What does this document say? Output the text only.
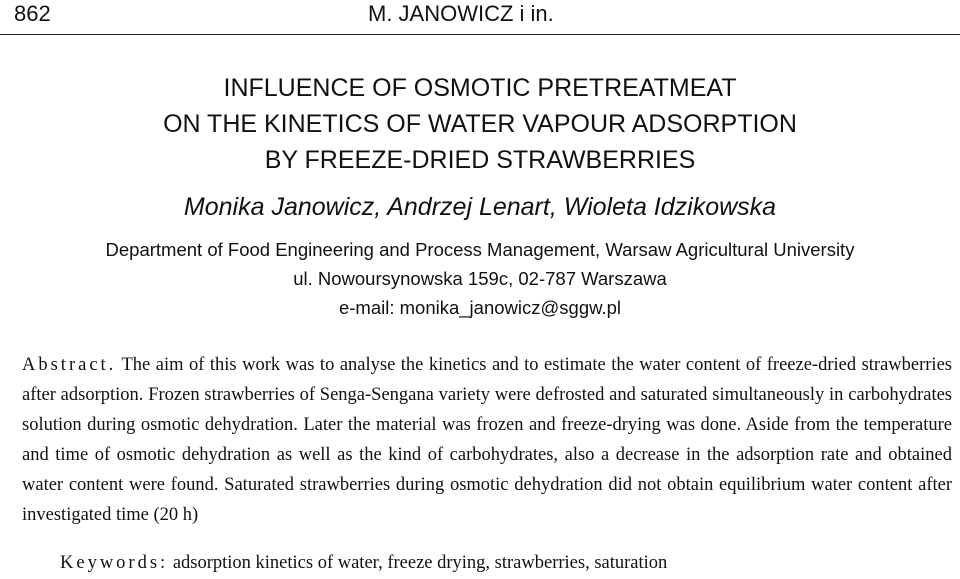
862	M. JANOWICZ i in.
INFLUENCE OF OSMOTIC PRETREATMEAT
ON THE KINETICS OF WATER VAPOUR ADSORPTION
BY FREEZE-DRIED STRAWBERRIES
Monika Janowicz, Andrzej Lenart, Wioleta Idzikowska
Department of Food Engineering and Process Management, Warsaw Agricultural University
ul. Nowoursynowska 159c, 02-787 Warszawa
e-mail: monika_janowicz@sggw.pl
Abstract. The aim of this work was to analyse the kinetics and to estimate the water content of freeze-dried strawberries after adsorption. Frozen strawberries of Senga-Sengana variety were defrosted and saturated simultaneously in carbohydrates solution during osmotic dehydration. Later the material was frozen and freeze-drying was done. Aside from the temperature and time of osmotic dehydration as well as the kind of carbohydrates, also a decrease in the adsorption rate and obtained water content were found. Saturated strawberries during osmotic dehydration did not obtain equilibrium water content after investigated time (20 h)
Keywords: adsorption kinetics of water, freeze drying, strawberries, saturation
